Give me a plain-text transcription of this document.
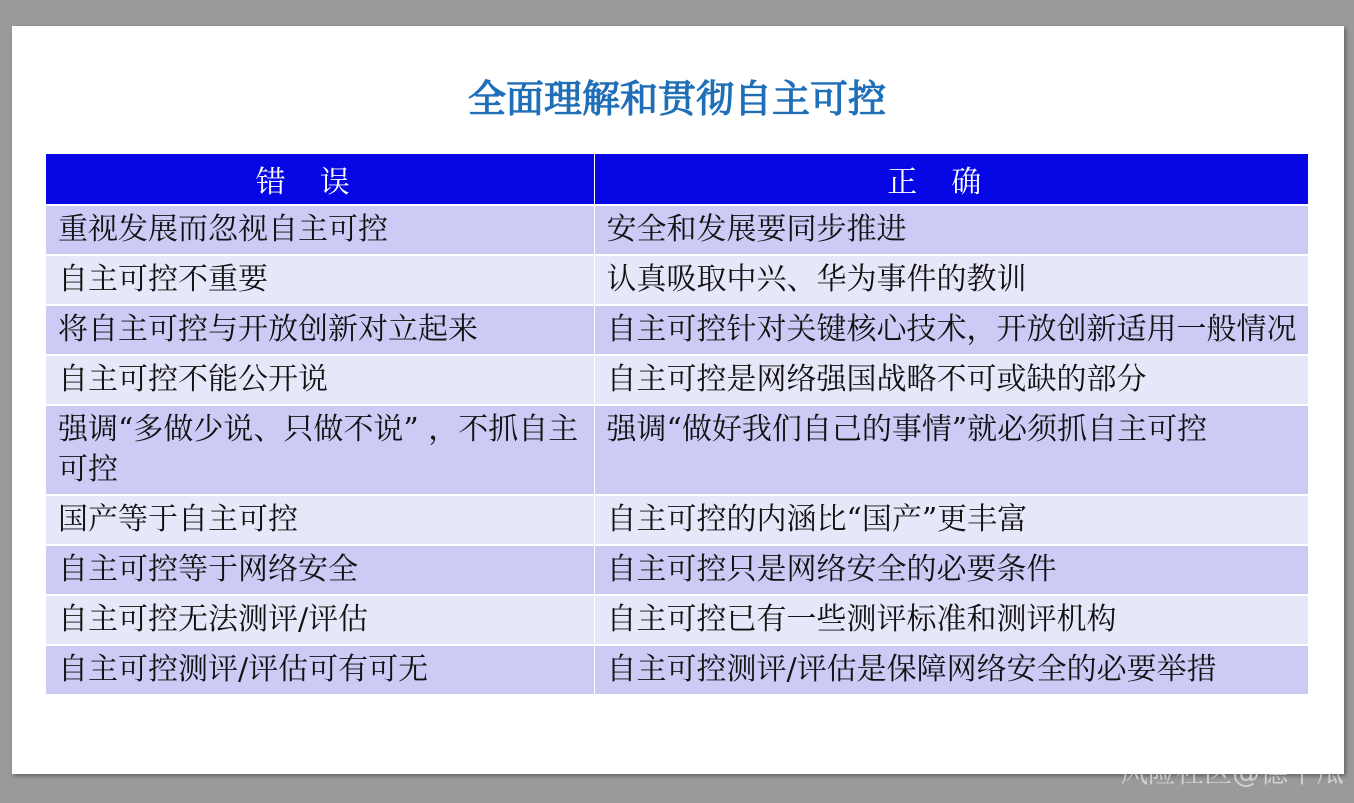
全面理解和贯彻自主可控
错误	正确
重视发展而忽视自主可控	安全和发展要同步推进
自主可控不重要	认真吸取中兴、华为事件的教训
将自主可控与开放创新对立起来	自主可控针对关键核心技术，开放创新适用一般情况
自主可控不能公开说	自主可控是网络强国战略不可或缺的部分
强调“多做少说、只做不说” ，不抓自主可控	强调“做好我们自己的事情”就必须抓自主可控
国产等于自主可控	自主可控的内涵比“国产”更丰富
自主可控等于网络安全	自主可控只是网络安全的必要条件
自主可控无法测评/评估	自主可控已有一些测评标准和测评机构
自主可控测评/评估可有可无	自主可控测评/评估是保障网络安全的必要举措
风险社区@德千瓜
